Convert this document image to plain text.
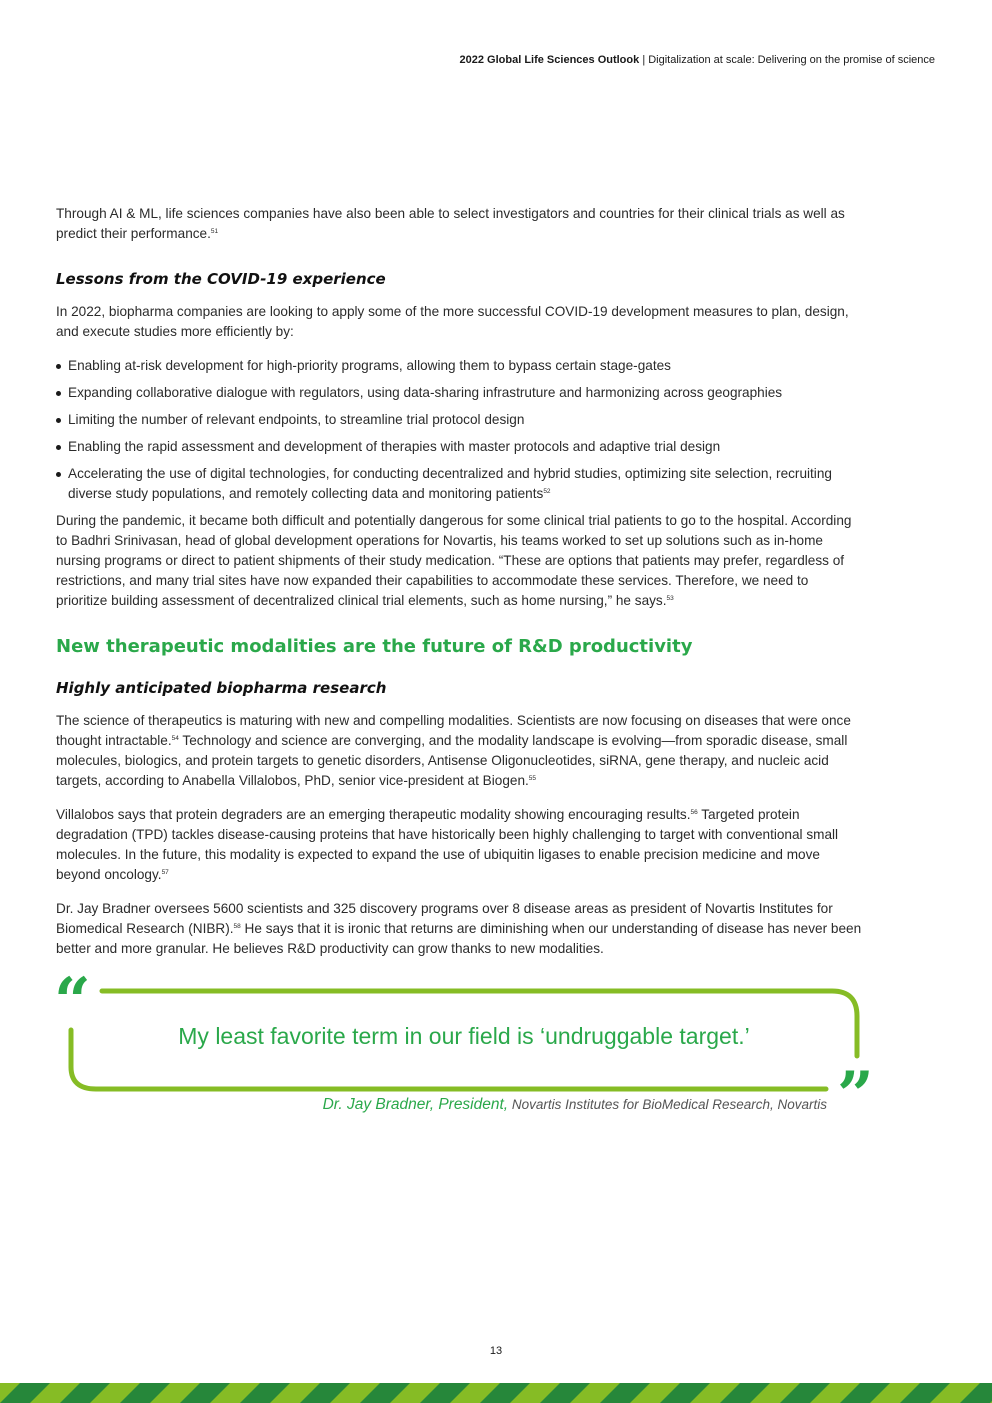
2022 Global Life Sciences Outlook | Digitalization at scale: Delivering on the promise of science

Through AI & ML, life sciences companies have also been able to select investigators and countries for their clinical trials as well as predict their performance.$^{51}$

Lessons from the COVID-19 experience

In 2022, biopharma companies are looking to apply some of the more successful COVID-19 development measures to plan, design, and execute studies more efficiently by:

Enabling at-risk development for high-priority programs, allowing them to bypass certain stage-gates
Expanding collaborative dialogue with regulators, using data-sharing infrastruture and harmonizing across geographies
Limiting the number of relevant endpoints, to streamline trial protocol design
Enabling the rapid assessment and development of therapies with master protocols and adaptive trial design
Accelerating the use of digital technologies, for conducting decentralized and hybrid studies, optimizing site selection, recruiting diverse study populations, and remotely collecting data and monitoring patients$^{52}$

During the pandemic, it became both difficult and potentially dangerous for some clinical trial patients to go to the hospital. According to Badhri Srinivasan, head of global development operations for Novartis, his teams worked to set up solutions such as in-home nursing programs or direct to patient shipments of their study medication. “These are options that patients may prefer, regardless of restrictions, and many trial sites have now expanded their capabilities to accommodate these services. Therefore, we need to prioritize building assessment of decentralized clinical trial elements, such as home nursing,” he says.$^{53}$

New therapeutic modalities are the future of R&D productivity
Highly anticipated biopharma research

The science of therapeutics is maturing with new and compelling modalities. Scientists are now focusing on diseases that were once thought intractable.$^{54}$ Technology and science are converging, and the modality landscape is evolving—from sporadic disease, small molecules, biologics, and protein targets to genetic disorders, Antisense Oligonucleotides, siRNA, gene therapy, and nucleic acid targets, according to Anabella Villalobos, PhD, senior vice-president at Biogen.$^{55}$

Villalobos says that protein degraders are an emerging therapeutic modality showing encouraging results.$^{56}$ Targeted protein degradation (TPD) tackles disease-causing proteins that have historically been highly challenging to target with conventional small molecules. In the future, this modality is expected to expand the use of ubiquitin ligases to enable precision medicine and move beyond oncology.$^{57}$

Dr. Jay Bradner oversees 5600 scientists and 325 discovery programs over 8 disease areas as president of Novartis Institutes for Biomedical Research (NIBR).$^{58}$ He says that it is ironic that returns are diminishing when our understanding of disease has never been better and more granular. He believes R&D productivity can grow thanks to new modalities.

“
”
My least favorite term in our field is ‘undruggable target.’
Dr. Jay Bradner, President, Novartis Institutes for BioMedical Research, Novartis
13
